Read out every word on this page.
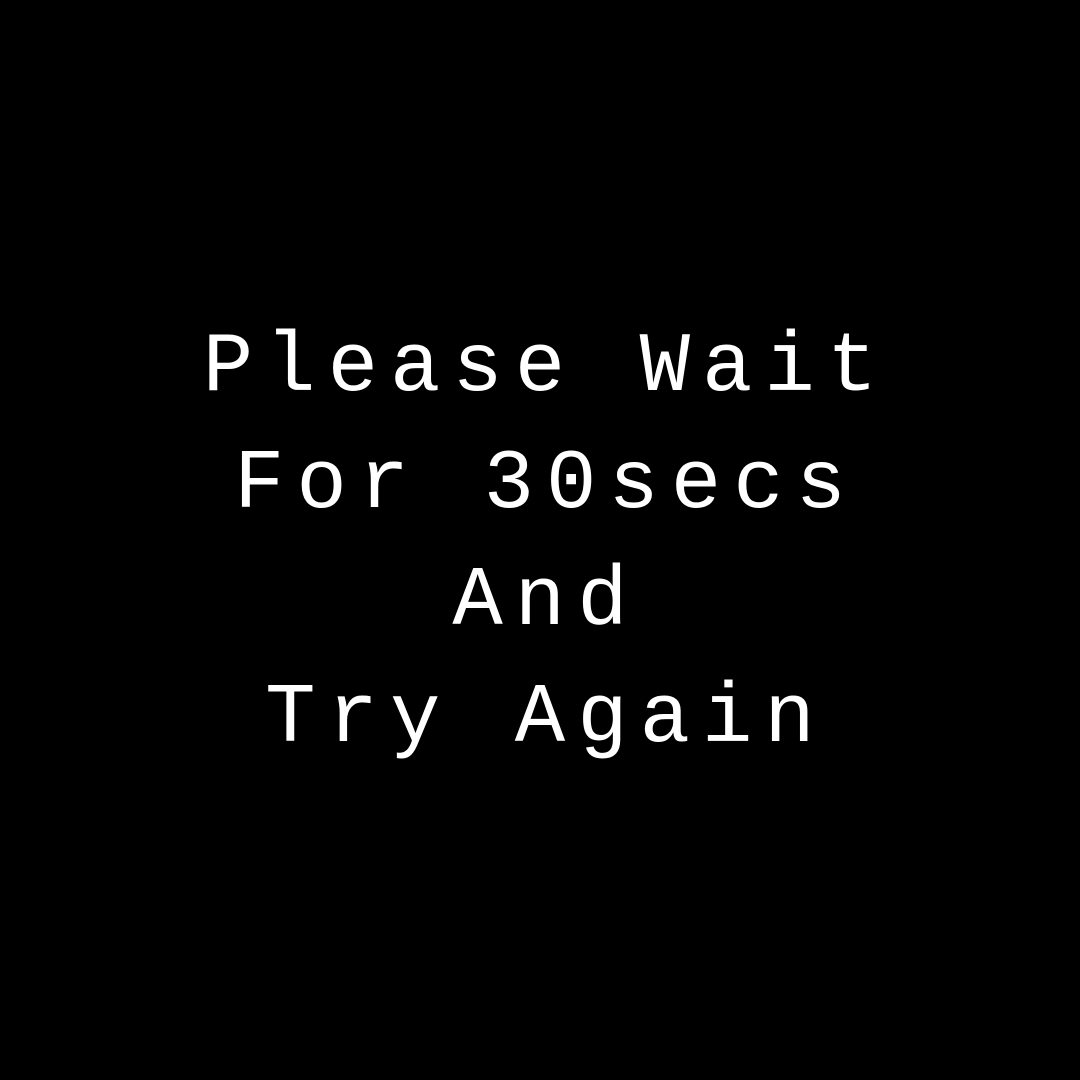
Please Wait
For 30secs
And
Try Again
